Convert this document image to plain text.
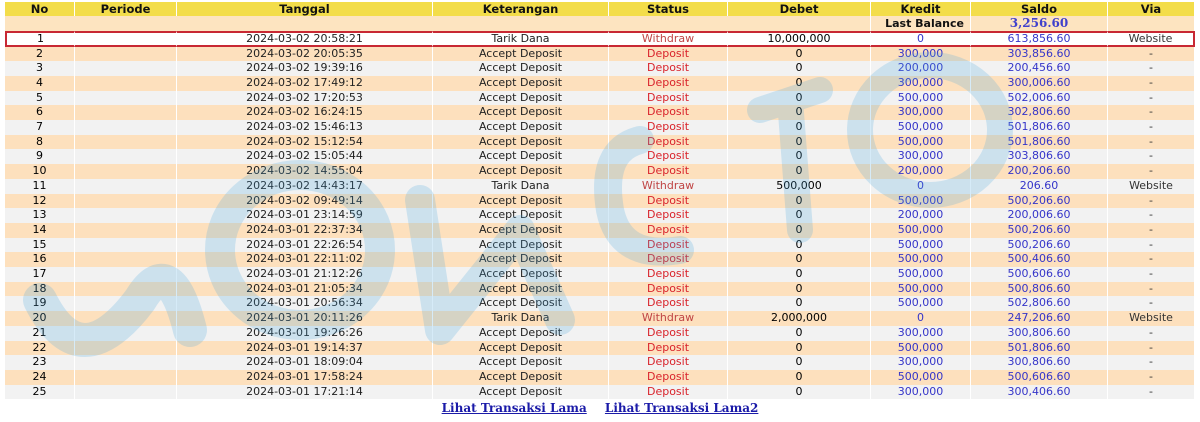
No	Periode	Tanggal	Keterangan	Status	Debet	Kredit	Saldo	Via
						Last Balance	3,256.60	
1		2024-03-02 20:58:21	Tarik Dana	Withdraw	10,000,000	0	613,856.60	Website
2		2024-03-02 20:05:35	Accept Deposit	Deposit	0	300,000	303,856.60	-
3		2024-03-02 19:39:16	Accept Deposit	Deposit	0	200,000	200,456.60	-
4		2024-03-02 17:49:12	Accept Deposit	Deposit	0	300,000	300,006.60	-
5		2024-03-02 17:20:53	Accept Deposit	Deposit	0	500,000	502,006.60	-
6		2024-03-02 16:24:15	Accept Deposit	Deposit	0	300,000	302,806.60	-
7		2024-03-02 15:46:13	Accept Deposit	Deposit	0	500,000	501,806.60	-
8		2024-03-02 15:12:54	Accept Deposit	Deposit	0	500,000	501,806.60	-
9		2024-03-02 15:05:44	Accept Deposit	Deposit	0	300,000	303,806.60	-
10		2024-03-02 14:55:04	Accept Deposit	Deposit	0	200,000	200,206.60	-
11		2024-03-02 14:43:17	Tarik Dana	Withdraw	500,000	0	206.60	Website
12		2024-03-02 09:49:14	Accept Deposit	Deposit	0	500,000	500,206.60	-
13		2024-03-01 23:14:59	Accept Deposit	Deposit	0	200,000	200,006.60	-
14		2024-03-01 22:37:34	Accept Deposit	Deposit	0	500,000	500,206.60	-
15		2024-03-01 22:26:54	Accept Deposit	Deposit	0	500,000	500,206.60	-
16		2024-03-01 22:11:02	Accept Deposit	Deposit	0	500,000	500,406.60	-
17		2024-03-01 21:12:26	Accept Deposit	Deposit	0	500,000	500,606.60	-
18		2024-03-01 21:05:34	Accept Deposit	Deposit	0	500,000	500,806.60	-
19		2024-03-01 20:56:34	Accept Deposit	Deposit	0	500,000	502,806.60	-
20		2024-03-01 20:11:26	Tarik Dana	Withdraw	2,000,000	0	247,206.60	Website
21		2024-03-01 19:26:26	Accept Deposit	Deposit	0	300,000	300,806.60	-
22		2024-03-01 19:14:37	Accept Deposit	Deposit	0	500,000	501,806.60	-
23		2024-03-01 18:09:04	Accept Deposit	Deposit	0	300,000	300,806.60	-
24		2024-03-01 17:58:24	Accept Deposit	Deposit	0	500,000	500,606.60	-
25		2024-03-01 17:21:14	Accept Deposit	Deposit	0	300,000	300,406.60	-
Lihat Transaksi Lama Lihat Transaksi Lama2
